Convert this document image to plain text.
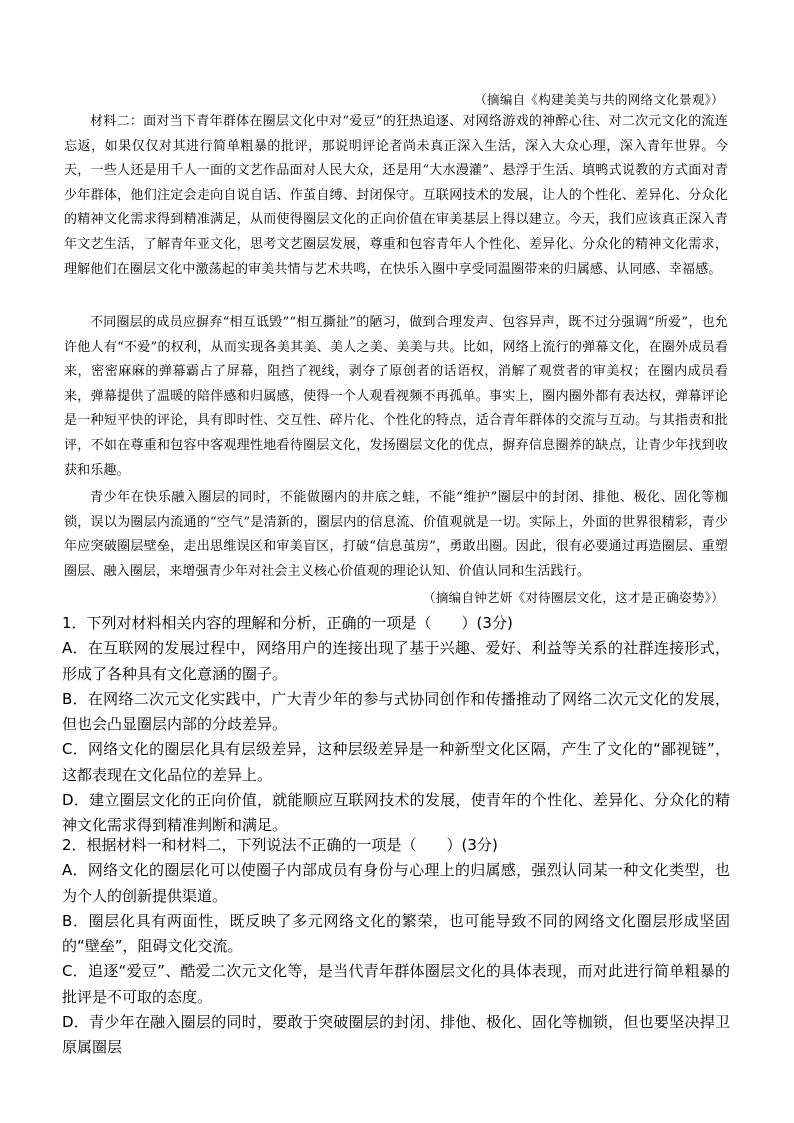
（摘编自《构建美美与共的网络文化景观》）

材料二：面对当下青年群体在圈层文化中对“爱豆”的狂热追逐、对网络游戏的神醉心往、对二次元文化的流连忘返，如果仅仅对其进行简单粗暴的批评，那说明评论者尚未真正深入生活，深入大众心理，深入青年世界。今天，一些人还是用千人一面的文艺作品面对人民大众，还是用“大水漫灌”、悬浮于生活、填鸭式说教的方式面对青少年群体，他们注定会走向自说自话、作茧自缚、封闭保守。互联网技术的发展，让人的个性化、差异化、分众化的精神文化需求得到精准满足，从而使得圈层文化的正向价值在审美基层上得以建立。今天，我们应该真正深入青年文艺生活，了解青年亚文化，思考文艺圈层发展，尊重和包容青年人个性化、差异化、分众化的精神文化需求，理解他们在圈层文化中激荡起的审美共情与艺术共鸣，在快乐入圈中享受同温圈带来的归属感、认同感、幸福感。

不同圈层的成员应摒弃“相互诋毁”“相互撕扯”的陋习，做到合理发声、包容异声，既不过分强调“所爱”，也允许他人有“不爱”的权利，从而实现各美其美、美人之美、美美与共。比如，网络上流行的弹幕文化，在圈外成员看来，密密麻麻的弹幕霸占了屏幕，阻挡了视线，剥夺了原创者的话语权，消解了观赏者的审美权；在圈内成员看来，弹幕提供了温暖的陪伴感和归属感，使得一个人观看视频不再孤单。事实上，圈内圈外都有表达权，弹幕评论是一种短平快的评论，具有即时性、交互性、碎片化、个性化的特点，适合青年群体的交流与互动。与其指责和批评，不如在尊重和包容中客观理性地看待圈层文化，发扬圈层文化的优点，摒弃信息圈养的缺点，让青少年找到收获和乐趣。

青少年在快乐融入圈层的同时，不能做圈内的井底之蛙，不能“维护”圈层中的封闭、排他、极化、固化等枷锁，误以为圈层内流通的“空气”是清新的，圈层内的信息流、价值观就是一切。实际上，外面的世界很精彩，青少年应突破圈层壁垒，走出思维误区和审美盲区，打破“信息茧房”，勇敢出圈。因此，很有必要通过再造圈层、重塑圈层、融入圈层，来增强青少年对社会主义核心价值观的理论认知、价值认同和生活践行。

（摘编自钟艺妍《对待圈层文化，这才是正确姿势》）

1．下列对材料相关内容的理解和分析，正确的一项是（　　）(3分)

A．在互联网的发展过程中，网络用户的连接出现了基于兴趣、爱好、利益等关系的社群连接形式，形成了各种具有文化意涵的圈子。

B．在网络二次元文化实践中，广大青少年的参与式协同创作和传播推动了网络二次元文化的发展，但也会凸显圈层内部的分歧差异。

C．网络文化的圈层化具有层级差异，这种层级差异是一种新型文化区隔，产生了文化的“鄙视链”，这都表现在文化品位的差异上。

D．建立圈层文化的正向价值，就能顺应互联网技术的发展，使青年的个性化、差异化、分众化的精神文化需求得到精准判断和满足。

2．根据材料一和材料二，下列说法不正确的一项是（　　）(3分)

A．网络文化的圈层化可以使圈子内部成员有身份与心理上的归属感，强烈认同某一种文化类型，也为个人的创新提供渠道。

B．圈层化具有两面性，既反映了多元网络文化的繁荣，也可能导致不同的网络文化圈层形成坚固的“壁垒”，阻碍文化交流。

C．追逐“爱豆”、酷爱二次元文化等，是当代青年群体圈层文化的具体表现，而对此进行简单粗暴的批评是不可取的态度。

D．青少年在融入圈层的同时，要敢于突破圈层的封闭、排他、极化、固化等枷锁，但也要坚决捍卫原属圈层
